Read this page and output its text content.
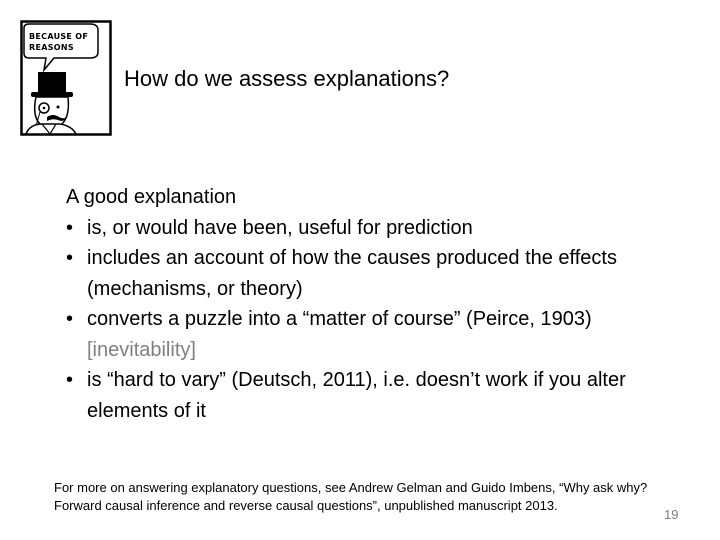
BECAUSE OF
REASONS
How do we assess explanations?
A good explanation
• is, or would have been, useful for prediction
• includes an account of how the causes produced the effects (mechanisms, or theory)
• converts a puzzle into a “matter of course” (Peirce, 1903) [inevitability]
• is “hard to vary” (Deutsch, 2011), i.e. doesn’t work if you alter elements of it
For more on answering explanatory questions, see Andrew Gelman and Guido Imbens, “Why ask why? Forward causal inference and reverse causal questions”, unpublished manuscript 2013.
19
